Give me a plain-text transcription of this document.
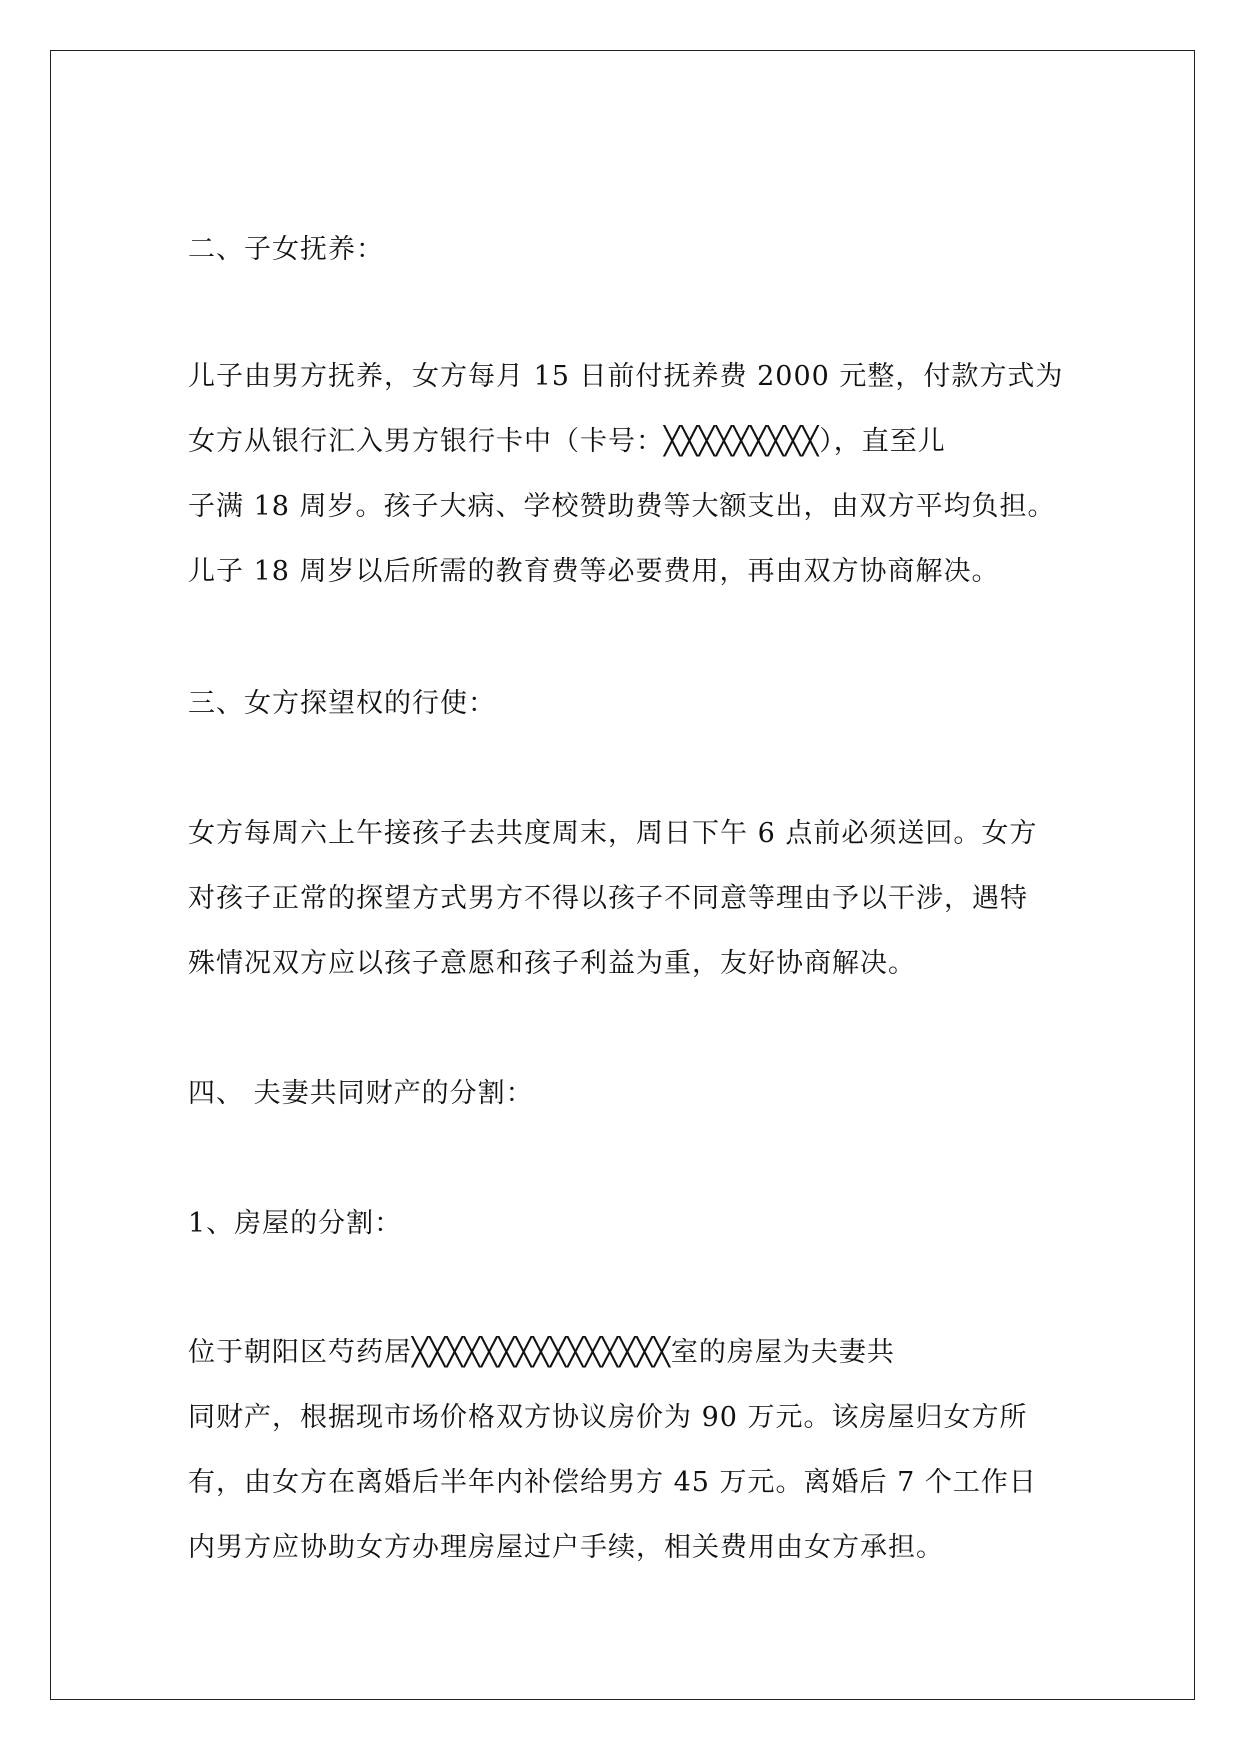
二、子女抚养：
儿子由男方抚养，女方每月 15 日前付抚养费 2000 元整，付款方式为
女方从银行汇入男方银行卡中（卡号：╳╳╳╳╳╳╳╳╳），直至儿
子满 18 周岁。孩子大病、学校赞助费等大额支出，由双方平均负担。
儿子 18 周岁以后所需的教育费等必要费用，再由双方协商解决。
三、女方探望权的行使：
女方每周六上午接孩子去共度周末，周日下午 6 点前必须送回。女方
对孩子正常的探望方式男方不得以孩子不同意等理由予以干涉，遇特
殊情况双方应以孩子意愿和孩子利益为重，友好协商解决。
四、 夫妻共同财产的分割：
1、房屋的分割：
位于朝阳区芍药居╳╳╳╳╳╳╳╳╳╳╳╳╳╳╳室的房屋为夫妻共
同财产，根据现市场价格双方协议房价为 90 万元。该房屋归女方所
有，由女方在离婚后半年内补偿给男方 45 万元。离婚后 7 个工作日
内男方应协助女方办理房屋过户手续，相关费用由女方承担。
